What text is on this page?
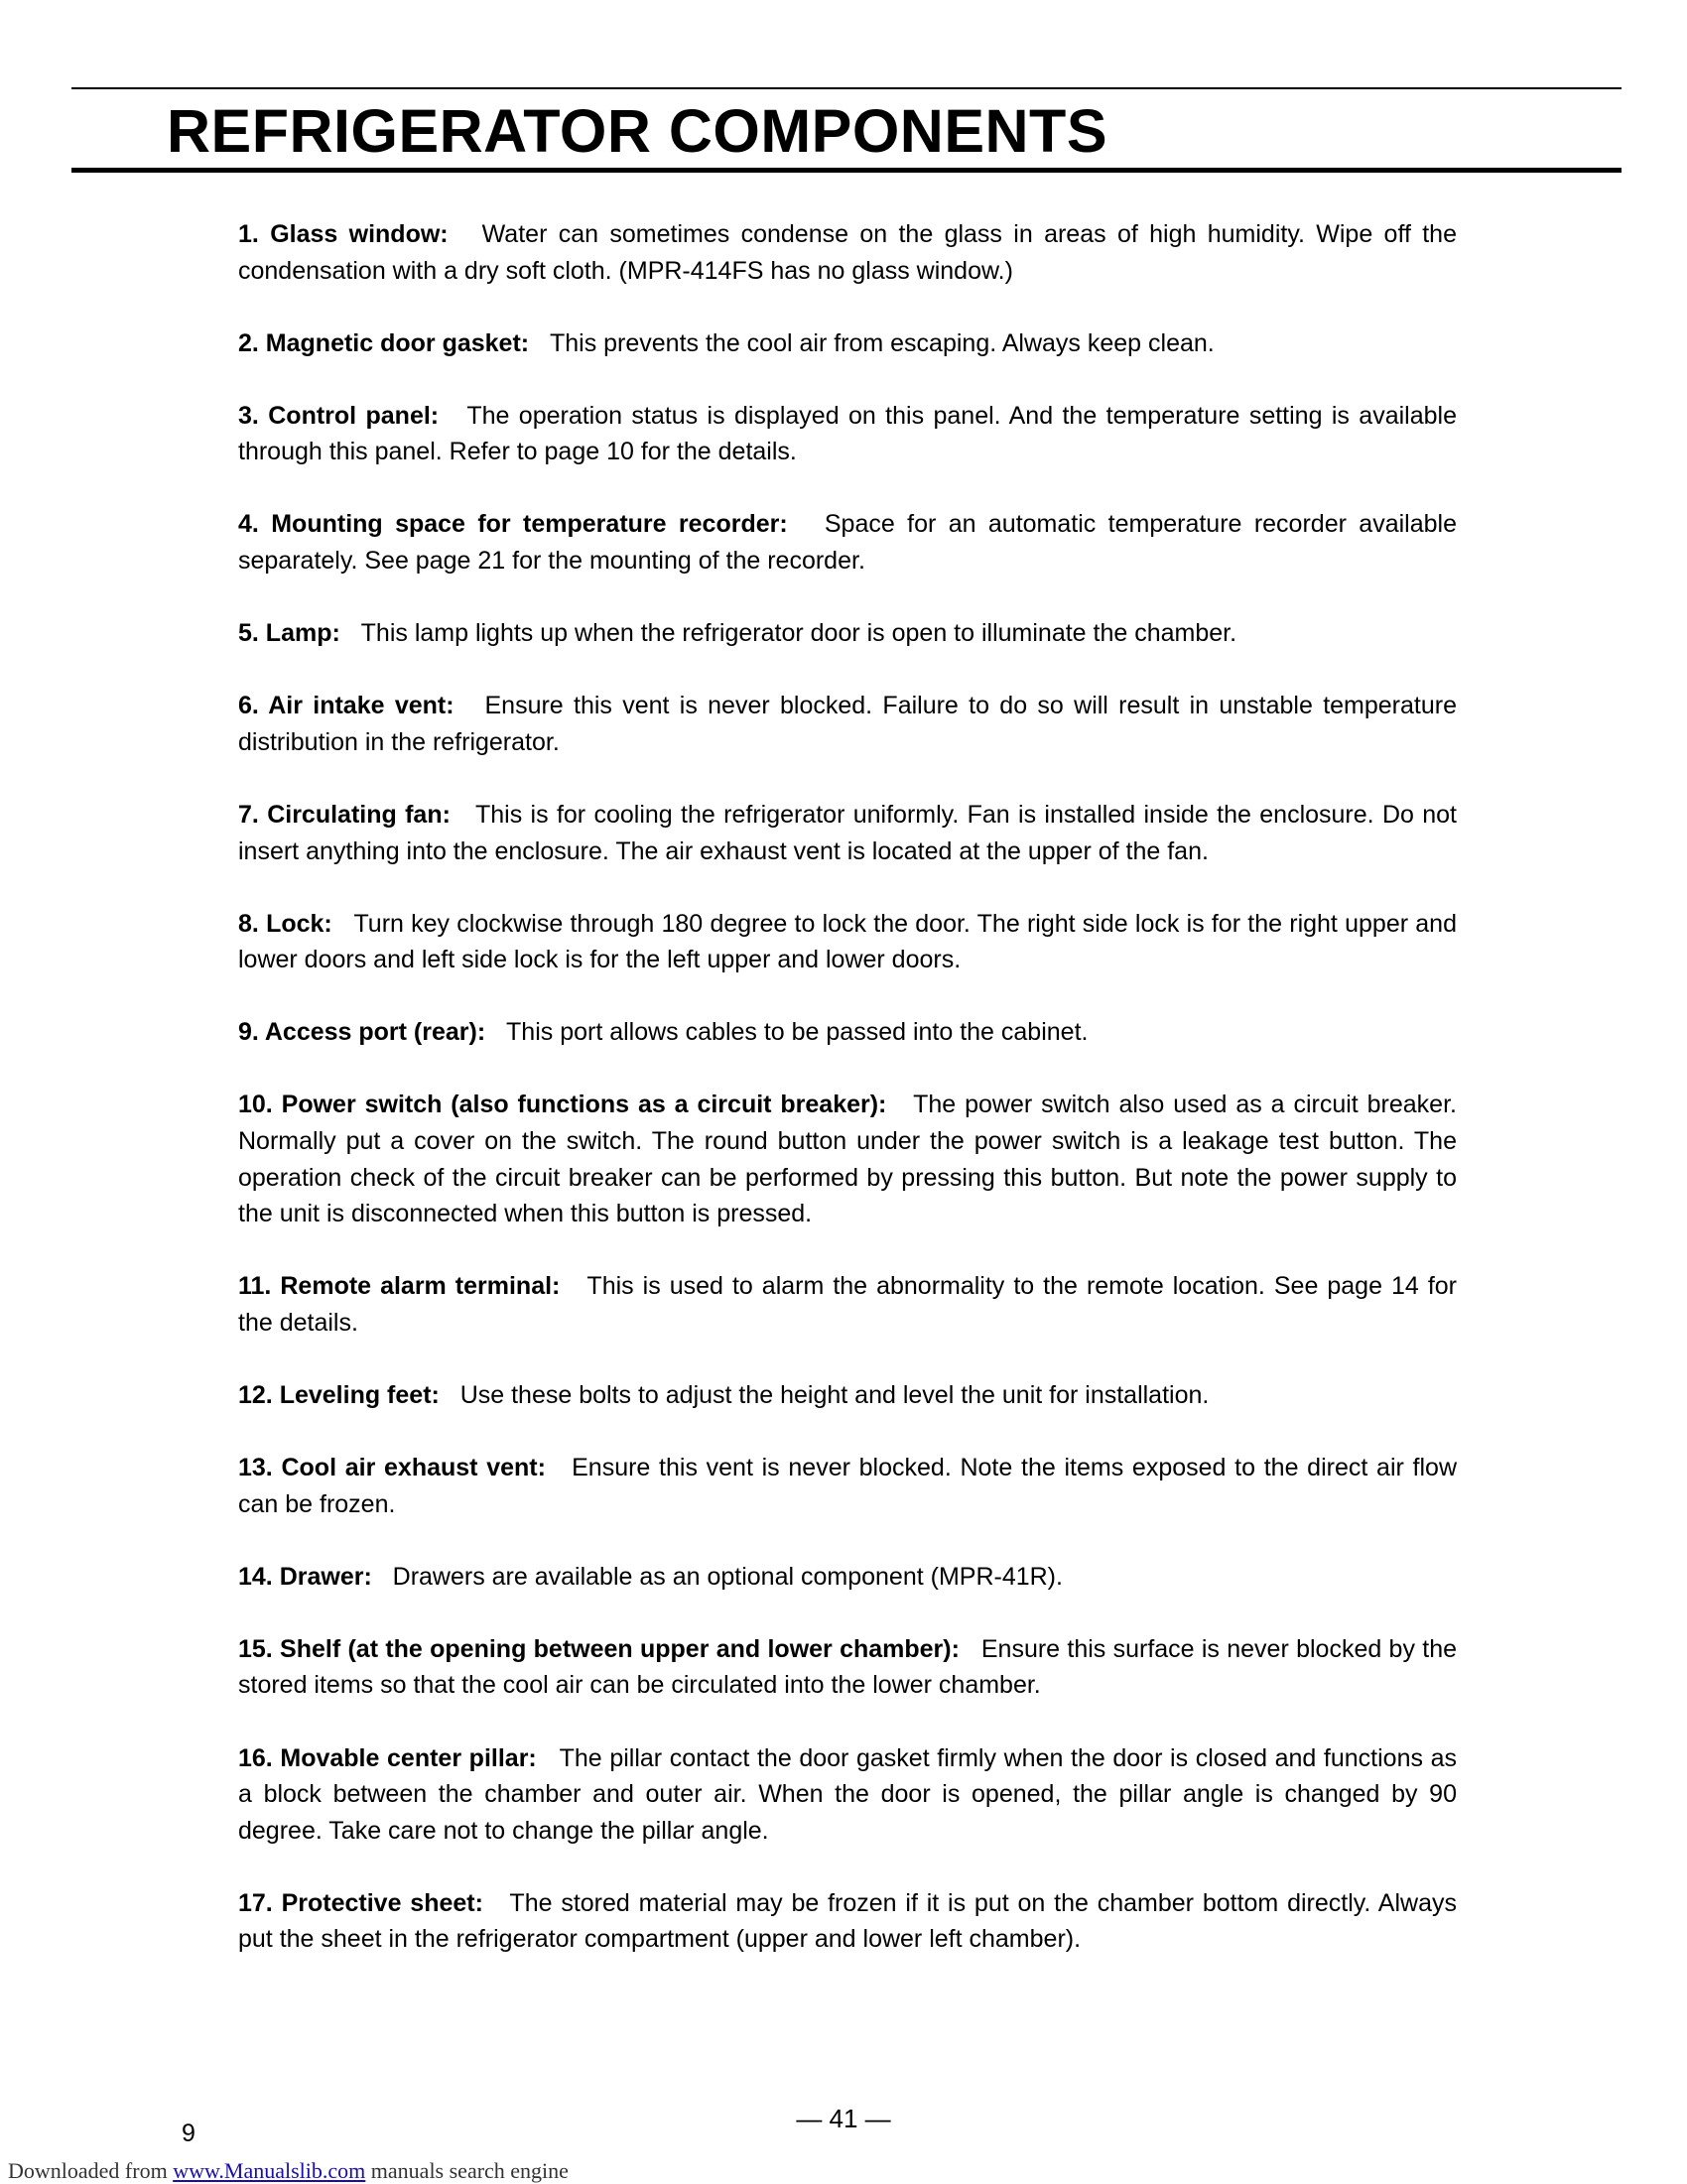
REFRIGERATOR COMPONENTS

1. Glass window: Water can sometimes condense on the glass in areas of high humidity. Wipe off the condensation with a dry soft cloth. (MPR-414FS has no glass window.)

2. Magnetic door gasket: This prevents the cool air from escaping. Always keep clean.

3. Control panel: The operation status is displayed on this panel. And the temperature setting is available through this panel. Refer to page 10 for the details.

4. Mounting space for temperature recorder: Space for an automatic temperature recorder available separately. See page 21 for the mounting of the recorder.

5. Lamp: This lamp lights up when the refrigerator door is open to illuminate the chamber.

6. Air intake vent: Ensure this vent is never blocked. Failure to do so will result in unstable temperature distribution in the refrigerator.

7. Circulating fan: This is for cooling the refrigerator uniformly. Fan is installed inside the enclosure. Do not insert anything into the enclosure. The air exhaust vent is located at the upper of the fan.

8. Lock: Turn key clockwise through 180 degree to lock the door. The right side lock is for the right upper and lower doors and left side lock is for the left upper and lower doors.

9. Access port (rear): This port allows cables to be passed into the cabinet.

10. Power switch (also functions as a circuit breaker): The power switch also used as a circuit breaker. Normally put a cover on the switch. The round button under the power switch is a leakage test button. The operation check of the circuit breaker can be performed by pressing this button. But note the power supply to the unit is disconnected when this button is pressed.

11. Remote alarm terminal: This is used to alarm the abnormality to the remote location. See page 14 for the details.

12. Leveling feet: Use these bolts to adjust the height and level the unit for installation.

13. Cool air exhaust vent: Ensure this vent is never blocked. Note the items exposed to the direct air flow can be frozen.

14. Drawer: Drawers are available as an optional component (MPR-41R).

15. Shelf (at the opening between upper and lower chamber): Ensure this surface is never blocked by the stored items so that the cool air can be circulated into the lower chamber.

16. Movable center pillar: The pillar contact the door gasket firmly when the door is closed and functions as a block between the chamber and outer air. When the door is opened, the pillar angle is changed by 90 degree. Take care not to change the pillar angle.

17. Protective sheet: The stored material may be frozen if it is put on the chamber bottom directly. Always put the sheet in the refrigerator compartment (upper and lower left chamber).

9	— 41 —
Downloaded from www.Manualslib.com manuals search engine
